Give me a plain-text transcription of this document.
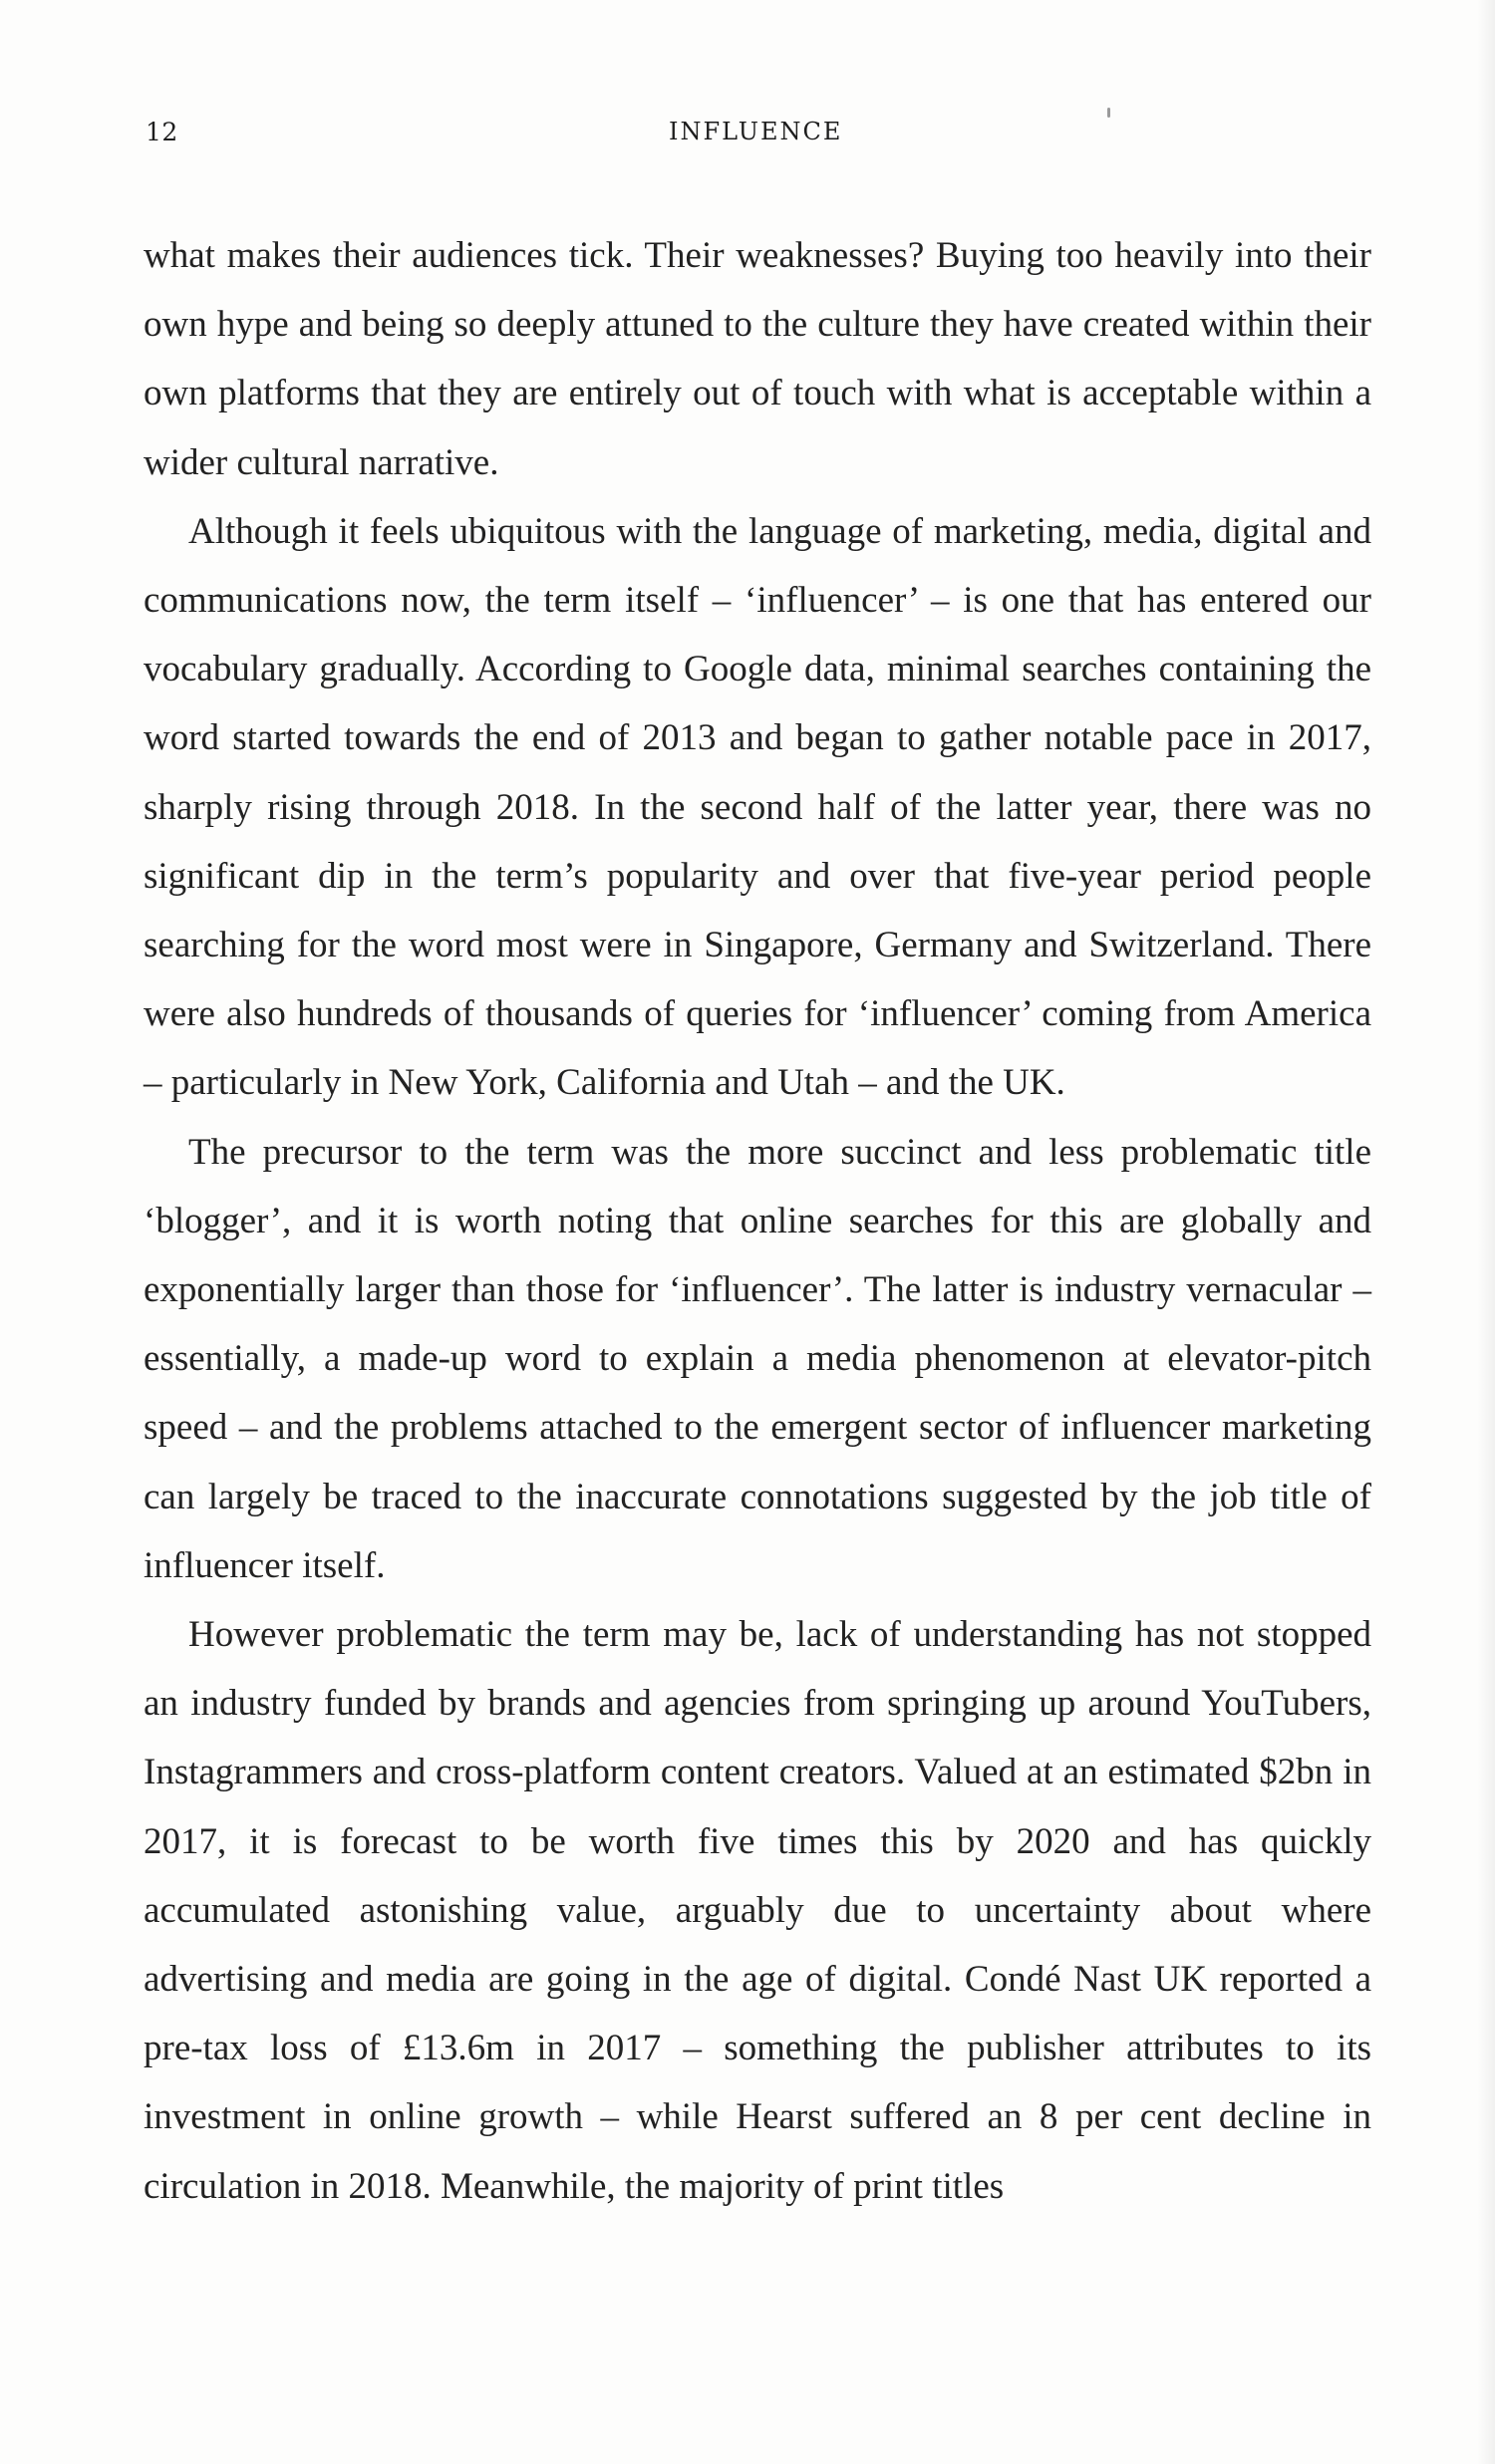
12	INFLUENCE

what makes their audiences tick. Their weaknesses? Buying too heavily into their own hype and being so deeply attuned to the culture they have created within their own platforms that they are entirely out of touch with what is acceptable within a wider cultural narrative.

Although it feels ubiquitous with the language of marketing, media, digital and communications now, the term itself – ‘influencer’ – is one that has entered our vocabulary gradually. According to Google data, minimal searches containing the word started towards the end of 2013 and began to gather notable pace in 2017, sharply rising through 2018. In the second half of the latter year, there was no significant dip in the term’s popularity and over that five-year period people searching for the word most were in Singapore, Germany and Switzerland. There were also hundreds of thousands of queries for ‘influencer’ coming from America – particularly in New York, California and Utah – and the UK.

The precursor to the term was the more succinct and less problematic title ‘blogger’, and it is worth noting that online searches for this are globally and exponentially larger than those for ‘influencer’. The latter is industry vernacular – essentially, a made-up word to explain a media phenomenon at elevator-pitch speed – and the problems attached to the emergent sector of influencer marketing can largely be traced to the inaccurate connotations suggested by the job title of influencer itself.

However problematic the term may be, lack of understanding has not stopped an industry funded by brands and agencies from springing up around YouTubers, Instagrammers and cross-platform content creators. Valued at an estimated $2bn in 2017, it is forecast to be worth five times this by 2020 and has quickly accumulated astonishing value, arguably due to uncertainty about where advertising and media are going in the age of digital. Condé Nast UK reported a pre-tax loss of £13.6m in 2017 – something the publisher attributes to its investment in online growth – while Hearst suffered an 8 per cent decline in circulation in 2018. Meanwhile, the majority of print titles
